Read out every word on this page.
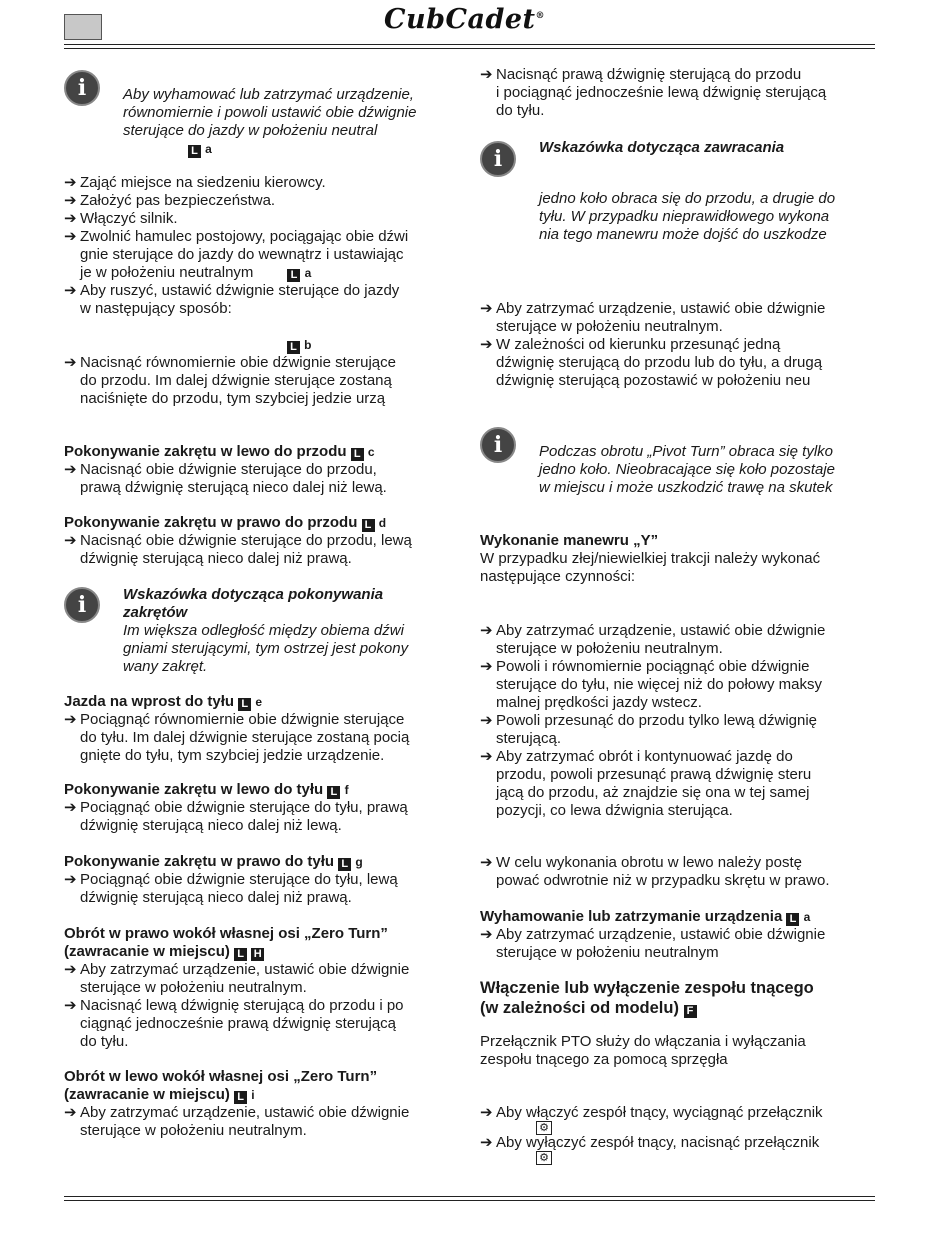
CubCadet®
i	Aby wyhamować lub zatrzymać urządzenie,
równomiernie i powoli ustawić obie dźwignie
sterujące do jazdy w położeniu neutral
L a
➔ Zająć miejsce na siedzeniu kierowcy.
➔ Założyć pas bezpieczeństwa.
➔ Włączyć silnik.
➔ Zwolnić hamulec postojowy, pociągając obie dźwi
gnie sterujące do jazdy do wewnątrz i ustawiając
je w położeniu neutralnym	L a
➔ Aby ruszyć, ustawić dźwignie sterujące do jazdy
w następujący sposób:
L b
➔ Nacisnąć równomiernie obie dźwignie sterujące
do przodu. Im dalej dźwignie sterujące zostaną
naciśnięte do przodu, tym szybciej jedzie urzą
Pokonywanie zakrętu w lewo do przodu L c
➔ Nacisnąć obie dźwignie sterujące do przodu,
prawą dźwignię sterującą nieco dalej niż lewą.
Pokonywanie zakrętu w prawo do przodu L d
➔ Nacisnąć obie dźwignie sterujące do przodu, lewą
dźwignię sterującą nieco dalej niż prawą.
i	Wskazówka dotycząca pokonywania
zakrętów
Im większa odległość między obiema dźwi
gniami sterującymi, tym ostrzej jest pokony
wany zakręt.
Jazda na wprost do tyłu L e
➔ Pociągnąć równomiernie obie dźwignie sterujące
do tyłu. Im dalej dźwignie sterujące zostaną pocią
gnięte do tyłu, tym szybciej jedzie urządzenie.
Pokonywanie zakrętu w lewo do tyłu L f
➔ Pociągnąć obie dźwignie sterujące do tyłu, prawą
dźwignię sterującą nieco dalej niż lewą.
Pokonywanie zakrętu w prawo do tyłu L g
➔ Pociągnąć obie dźwignie sterujące do tyłu, lewą
dźwignię sterującą nieco dalej niż prawą.
Obrót w prawo wokół własnej osi „Zero Turn”
(zawracanie w miejscu) L H
➔ Aby zatrzymać urządzenie, ustawić obie dźwignie
sterujące w położeniu neutralnym.
➔ Nacisnąć lewą dźwignię sterującą do przodu i po
ciągnąć jednocześnie prawą dźwignię sterującą
do tyłu.
Obrót w lewo wokół własnej osi „Zero Turn”
(zawracanie w miejscu) L i
➔ Aby zatrzymać urządzenie, ustawić obie dźwignie
sterujące w położeniu neutralnym.
➔ Nacisnąć prawą dźwignię sterującą do przodu
i pociągnąć jednocześnie lewą dźwignię sterującą
do tyłu.
i	Wskazówka dotycząca zawracania
jedno koło obraca się do przodu, a drugie do
tyłu. W przypadku nieprawidłowego wykona
nia tego manewru może dojść do uszkodze
➔ Aby zatrzymać urządzenie, ustawić obie dźwignie
sterujące w położeniu neutralnym.
➔ W zależności od kierunku przesunąć jedną
dźwignię sterującą do przodu lub do tyłu, a drugą
dźwignię sterującą pozostawić w położeniu neu
i	Podczas obrotu „Pivot Turn” obraca się tylko
jedno koło. Nieobracające się koło pozostaje
w miejscu i może uszkodzić trawę na skutek
Wykonanie manewru „Y”
W przypadku złej/niewielkiej trakcji należy wykonać
następujące czynności:
➔ Aby zatrzymać urządzenie, ustawić obie dźwignie
sterujące w położeniu neutralnym.
➔ Powoli i równomiernie pociągnąć obie dźwignie
sterujące do tyłu, nie więcej niż do połowy maksy
malnej prędkości jazdy wstecz.
➔ Powoli przesunąć do przodu tylko lewą dźwignię
sterującą.
➔ Aby zatrzymać obrót i kontynuować jazdę do
przodu, powoli przesunąć prawą dźwignię steru
jącą do przodu, aż znajdzie się ona w tej samej
pozycji, co lewa dźwignia sterująca.
➔ W celu wykonania obrotu w lewo należy postę
pować odwrotnie niż w przypadku skrętu w prawo.
Wyhamowanie lub zatrzymanie urządzenia L a
➔ Aby zatrzymać urządzenie, ustawić obie dźwignie
sterujące w położeniu neutralnym
Włączenie lub wyłączenie zespołu tnącego
(w zależności od modelu) F
Przełącznik PTO służy do włączania i wyłączania
zespołu tnącego za pomocą sprzęgła
➔ Aby włączyć zespół tnący, wyciągnąć przełącznik
⚙
➔ Aby wyłączyć zespół tnący, nacisnąć przełącznik
⚙
